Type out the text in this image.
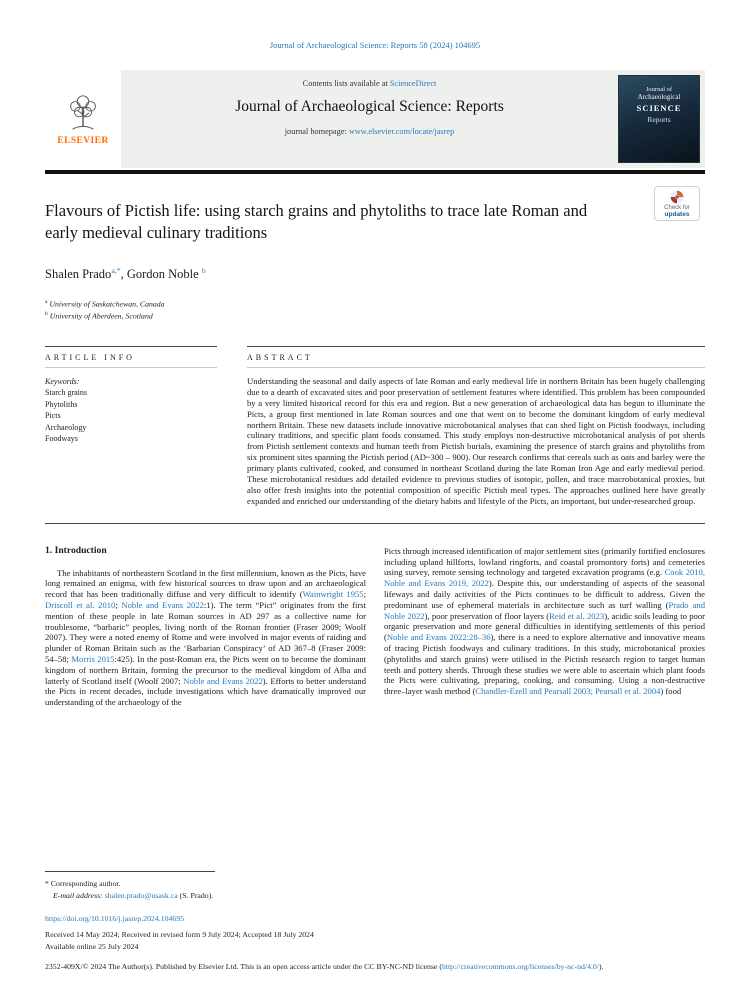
Journal of Archaeological Science: Reports 58 (2024) 104695
ELSEVIER
Contents lists available at ScienceDirect
Journal of Archaeological Science: Reports
journal homepage: www.elsevier.com/locate/jasrep
Journal of
Archaeological
SCIENCE
Reports
Check for
updates
Flavours of Pictish life: using starch grains and phytoliths to trace late Roman and early medieval culinary traditions
Shalen Prado$^{a,*}$, Gordon Noble $^b$
$^a$ University of Saskatchewan, Canada
$^b$ University of Aberdeen, Scotland
ARTICLE INFO
Keywords:
Starch grains
Phytoliths
Picts
Archaeology
Foodways
ABSTRACT
Understanding the seasonal and daily aspects of late Roman and early medieval life in northern Britain has been hugely challenging due to a dearth of excavated sites and poor preservation of settlement features where identified. This problem has been compounded by a very limited historical record for this era and region. But a new generation of archaeological data has begun to illuminate the Picts, a group first mentioned in late Roman sources and one that went on to become the dominant kingdom of early medieval northern Britain. These new datasets include innovative microbotanical analyses that can shed light on Pictish foodways, including culinary traditions, and specific plant foods consumed. This study employs non-destructive microbotanical analysis of pot sherds from Pictish settlement contexts and human teeth from Pictish burials, examining the presence of starch grains and phytoliths from six prominent sites spanning the Pictish period (AD~300 – 900). Our research confirms that cereals such as oats and barley were the primary plants cultivated, cooked, and consumed in northeast Scotland during the late Roman Iron Age and early medieval period. These microbotanical residues add detailed evidence to previous studies of isotopic, pollen, and trace macrobotanical proxies, but also offer fresh insights into the potential composition of specific Pictish meal types. The approaches outlined here have greatly expanded and enriched our understanding of the dietary habits and lifestyle of the Picts, an important, but under-researched group.
1. Introduction

The inhabitants of northeastern Scotland in the first millennium, known as the Picts, have long remained an enigma, with few historical sources to draw upon and an archaeological record that has been traditionally diffuse and very difficult to identify (Wainwright 1955; Driscoll et al. 2010; Noble and Evans 2022:1). The term “Pict” originates from the first mention of these people in late Roman sources in AD 297 as a collective name for troublesome, “barbaric” peoples, living north of the Roman frontier (Fraser 2009; Woolf 2007). They were a noted enemy of Rome and were involved in major events of raiding and plunder of Roman Britain such as the ‘Barbarian Conspiracy’ of AD 367–8 (Fraser 2009: 54–58; Morris 2015:425). In the post-Roman era, the Picts went on to become the dominant kingdom of northern Britain, forming the precursor to the medieval kingdom of Alba and latterly of Scotland itself (Woolf 2007; Noble and Evans 2022). Efforts to better understand the Picts in recent decades, include investigations which have dramatically improved our understanding of the archaeology of the

Picts through increased identification of major settlement sites (primarily fortified enclosures including upland hillforts, lowland ringforts, and coastal promontory forts) and cemeteries using survey, remote sensing technology and targeted excavation programs (e.g. Cook 2010, Noble and Evans 2019, 2022). Despite this, our understanding of aspects of the seasonal lifeways and daily activities of the Picts continues to be difficult to address. Given the predominant use of ephemeral materials in architecture such as turf walling (Prado and Noble 2022), poor preservation of floor layers (Reid et al. 2023), acidic soils leading to poor organic preservation and more general difficulties in identifying settlements of this period (Noble and Evans 2022:28–36), there is a need to explore alternative and innovative means of tracing Pictish foodways and culinary traditions. In this study, microbotanical proxies (phytoliths and starch grains) were utilised in the Pictish research region to target human teeth and pottery sherds. Through these studies we were able to ascertain which plant foods the Picts were cultivating, preparing, cooking, and consuming. Using a non-destructive three–layer wash method (Chandler-Ezell and Pearsall 2003; Pearsall et al. 2004) food

* Corresponding author.
E-mail address: shalen.prado@usask.ca (S. Prado).
https://doi.org/10.1016/j.jasrep.2024.104695
Received 14 May 2024; Received in revised form 9 July 2024; Accepted 18 July 2024
Available online 25 July 2024
2352-409X/© 2024 The Author(s). Published by Elsevier Ltd. This is an open access article under the CC BY-NC-ND license (http://creativecommons.org/licenses/by-nc-nd/4.0/).
